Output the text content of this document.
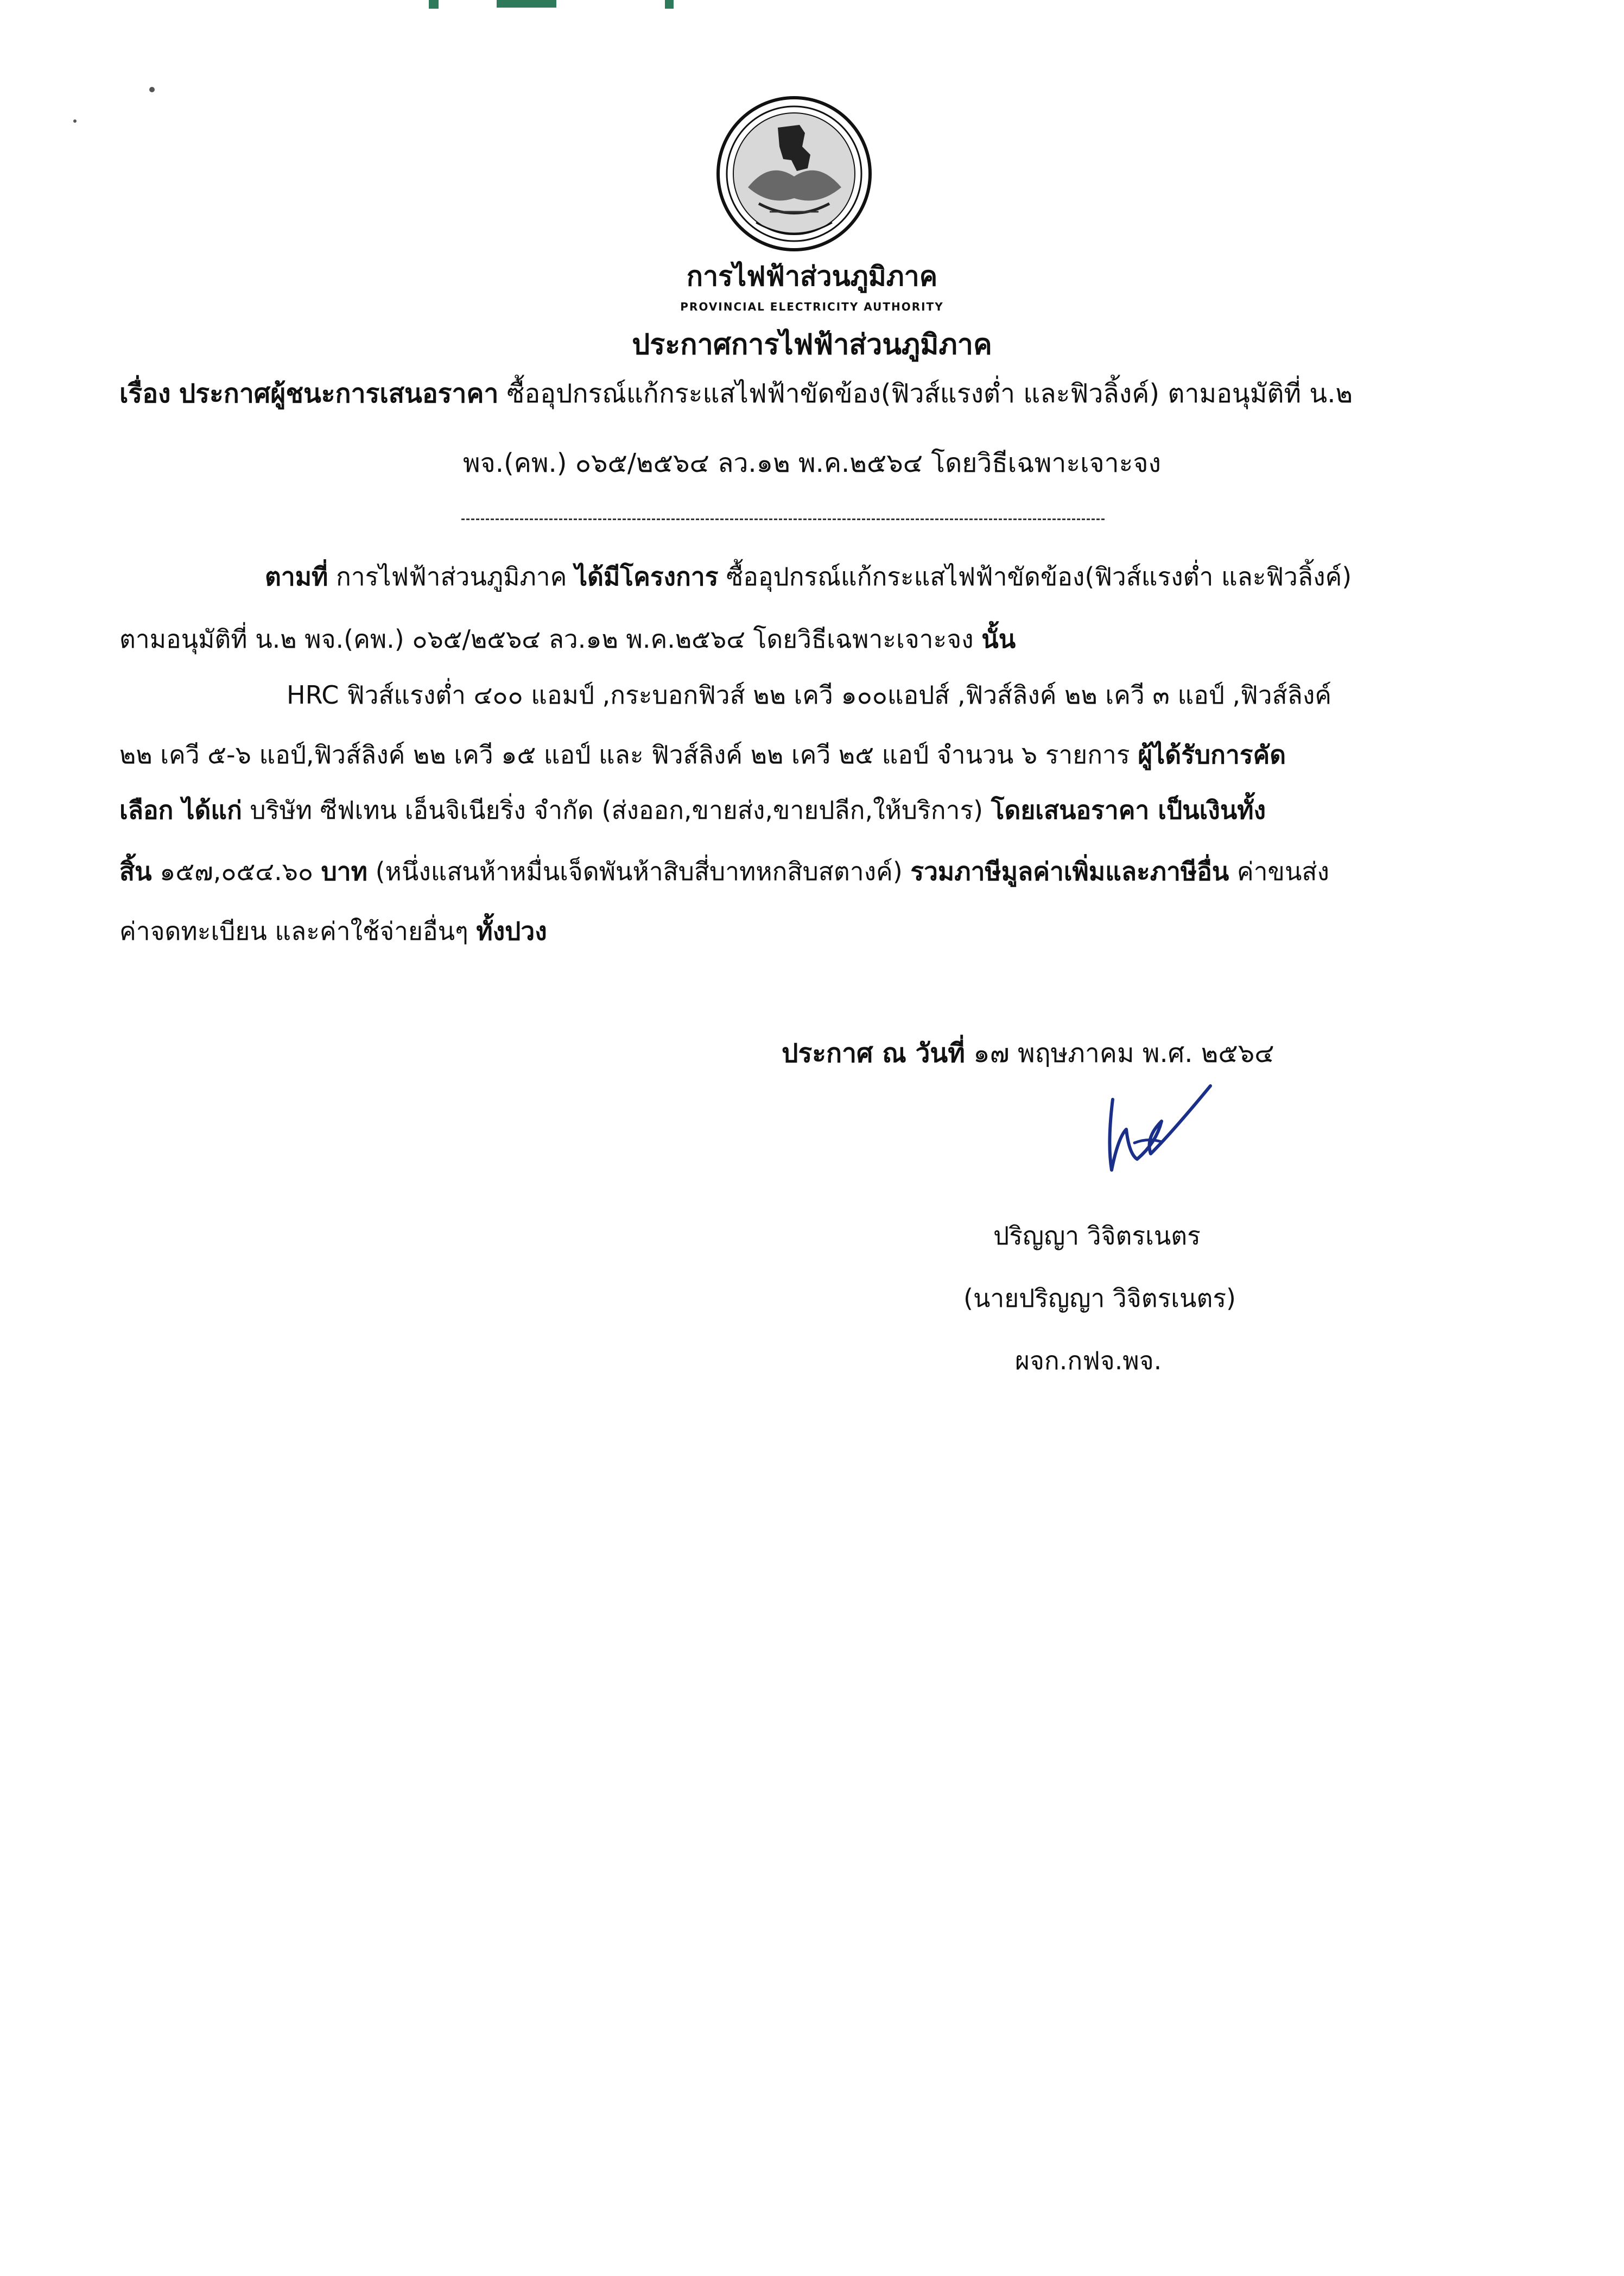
การไฟฟ้าส่วนภูมิภาค
PROVINCIAL ELECTRICITY AUTHORITY
ประกาศการไฟฟ้าส่วนภูมิภาค
เรื่อง ประกาศผู้ชนะการเสนอราคา ซื้ออุปกรณ์แก้กระแสไฟฟ้าขัดข้อง(ฟิวส์แรงต่ำ และฟิวลิ้งค์) ตามอนุมัติที่ น.๒
พจ.(คพ.) ๐๖๕/๒๕๖๔ ลว.๑๒ พ.ค.๒๕๖๔ โดยวิธีเฉพาะเจาะจง
ตามที่ การไฟฟ้าส่วนภูมิภาค ได้มีโครงการ ซื้ออุปกรณ์แก้กระแสไฟฟ้าขัดข้อง(ฟิวส์แรงต่ำ และฟิวลิ้งค์)
ตามอนุมัติที่ น.๒ พจ.(คพ.) ๐๖๕/๒๕๖๔ ลว.๑๒ พ.ค.๒๕๖๔ โดยวิธีเฉพาะเจาะจง นั้น
HRC ฟิวส์แรงต่ำ ๔๐๐ แอมป์ ,กระบอกฟิวส์ ๒๒ เควี ๑๐๐แอปส์ ,ฟิวส์ลิงค์ ๒๒ เควี ๓ แอป์ ,ฟิวส์ลิงค์
๒๒ เควี ๕-๖ แอป์,ฟิวส์ลิงค์ ๒๒ เควี ๑๕ แอป์ และ ฟิวส์ลิงค์ ๒๒ เควี ๒๕ แอป์ จำนวน ๖ รายการ ผู้ได้รับการคัด
เลือก ได้แก่ บริษัท ซีฟเทน เอ็นจิเนียริ่ง จำกัด (ส่งออก,ขายส่ง,ขายปลีก,ให้บริการ) โดยเสนอราคา เป็นเงินทั้ง
สิ้น ๑๕๗,๐๕๔.๖๐ บาท (หนึ่งแสนห้าหมื่นเจ็ดพันห้าสิบสี่บาทหกสิบสตางค์) รวมภาษีมูลค่าเพิ่มและภาษีอื่น ค่าขนส่ง
ค่าจดทะเบียน และค่าใช้จ่ายอื่นๆ ทั้งปวง
ประกาศ ณ วันที่ ๑๗ พฤษภาคม พ.ศ. ๒๕๖๔
ปริญญา วิจิตรเนตร
(นายปริญญา วิจิตรเนตร)
ผจก.กฟจ.พจ.
